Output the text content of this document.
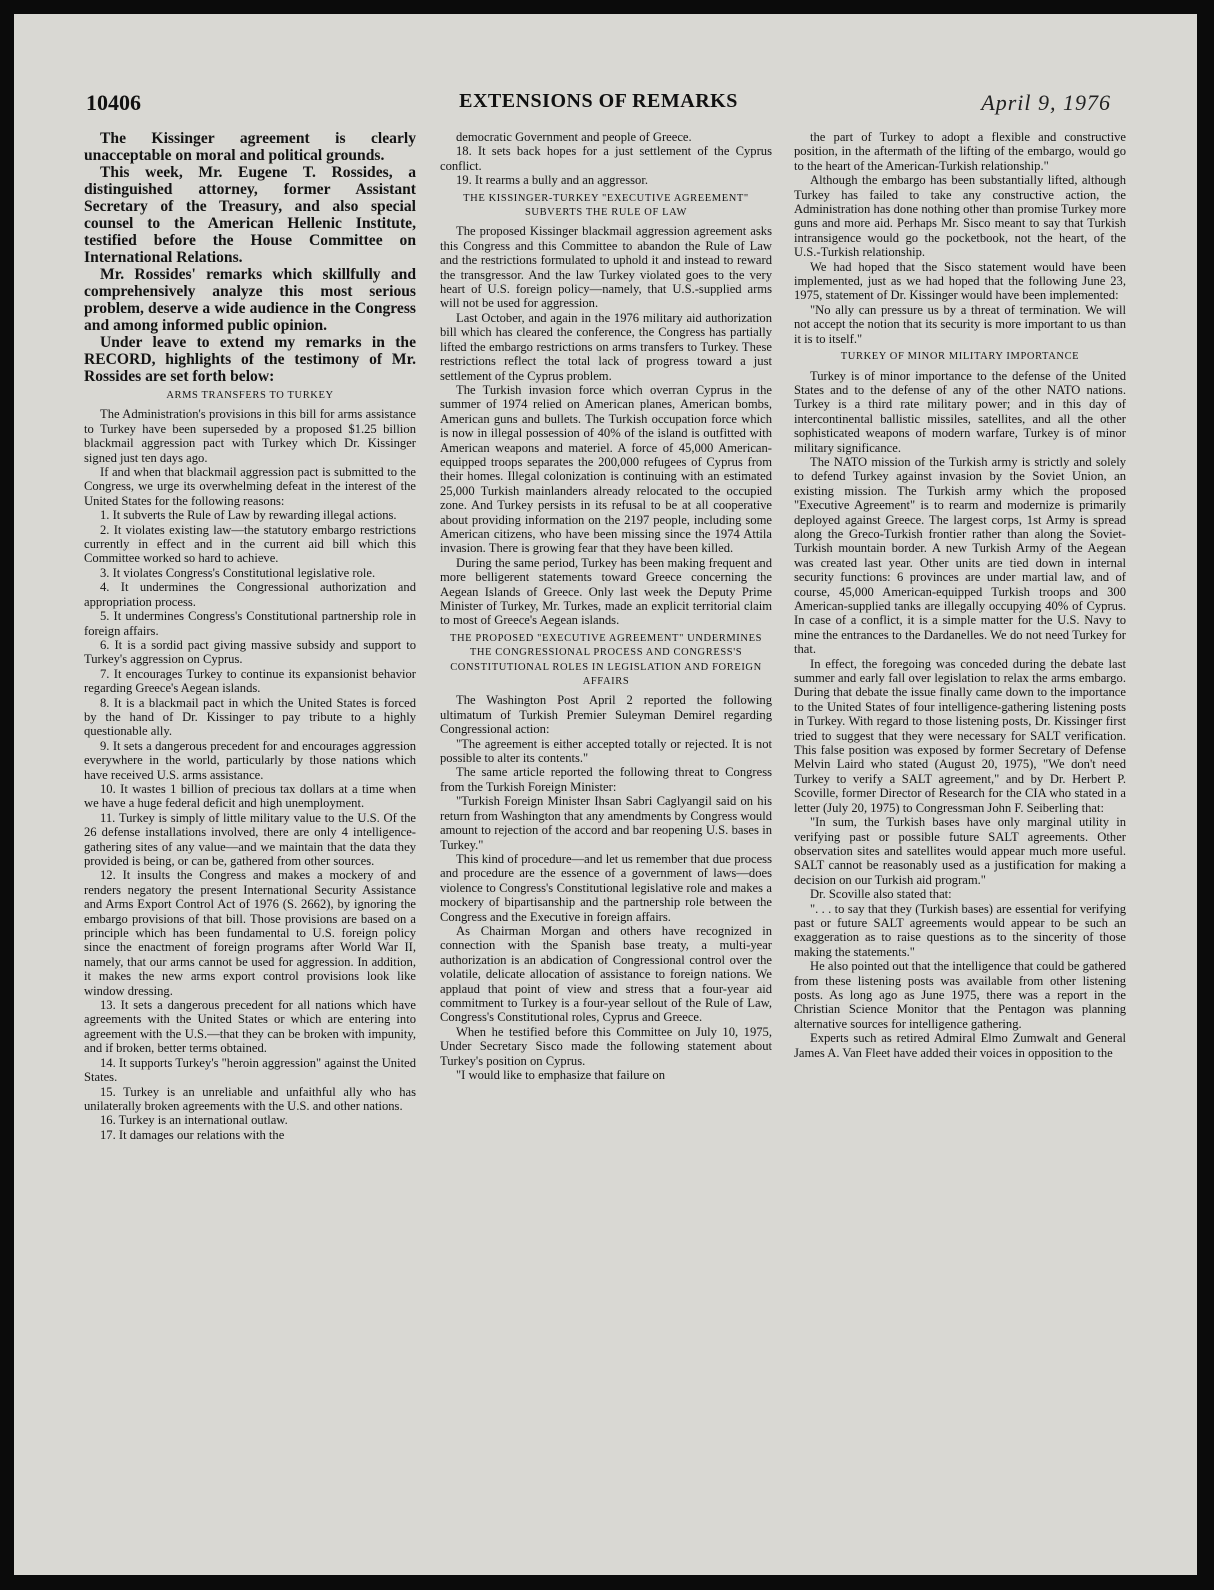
10406	EXTENSIONS OF REMARKS	April 9, 1976

The Kissinger agreement is clearly unacceptable on moral and political grounds.

This week, Mr. Eugene T. Rossides, a distinguished attorney, former Assistant Secretary of the Treasury, and also special counsel to the American Hellenic Institute, testified before the House Committee on International Relations.

Mr. Rossides' remarks which skillfully and comprehensively analyze this most serious problem, deserve a wide audience in the Congress and among informed public opinion.

Under leave to extend my remarks in the RECORD, highlights of the testimony of Mr. Rossides are set forth below:

ARMS TRANSFERS TO TURKEY

The Administration's provisions in this bill for arms assistance to Turkey have been superseded by a proposed $1.25 billion blackmail aggression pact with Turkey which Dr. Kissinger signed just ten days ago.

If and when that blackmail aggression pact is submitted to the Congress, we urge its overwhelming defeat in the interest of the United States for the following reasons:

1. It subverts the Rule of Law by rewarding illegal actions.

2. It violates existing law—the statutory embargo restrictions currently in effect and in the current aid bill which this Committee worked so hard to achieve.

3. It violates Congress's Constitutional legislative role.

4. It undermines the Congressional authorization and appropriation process.

5. It undermines Congress's Constitutional partnership role in foreign affairs.

6. It is a sordid pact giving massive subsidy and support to Turkey's aggression on Cyprus.

7. It encourages Turkey to continue its expansionist behavior regarding Greece's Aegean islands.

8. It is a blackmail pact in which the United States is forced by the hand of Dr. Kissinger to pay tribute to a highly questionable ally.

9. It sets a dangerous precedent for and encourages aggression everywhere in the world, particularly by those nations which have received U.S. arms assistance.

10. It wastes 1 billion of precious tax dollars at a time when we have a huge federal deficit and high unemployment.

11. Turkey is simply of little military value to the U.S. Of the 26 defense installations involved, there are only 4 intelligence-gathering sites of any value—and we maintain that the data they provided is being, or can be, gathered from other sources.

12. It insults the Congress and makes a mockery of and renders negatory the present International Security Assistance and Arms Export Control Act of 1976 (S. 2662), by ignoring the embargo provisions of that bill. Those provisions are based on a principle which has been fundamental to U.S. foreign policy since the enactment of foreign programs after World War II, namely, that our arms cannot be used for aggression. In addition, it makes the new arms export control provisions look like window dressing.

13. It sets a dangerous precedent for all nations which have agreements with the United States or which are entering into agreement with the U.S.—that they can be broken with impunity, and if broken, better terms obtained.

14. It supports Turkey's "heroin aggression" against the United States.

15. Turkey is an unreliable and unfaithful ally who has unilaterally broken agreements with the U.S. and other nations.

16. Turkey is an international outlaw.

17. It damages our relations with the

democratic Government and people of Greece.

18. It sets back hopes for a just settlement of the Cyprus conflict.

19. It rearms a bully and an aggressor.

THE KISSINGER-TURKEY "EXECUTIVE AGREEMENT" SUBVERTS THE RULE OF LAW

The proposed Kissinger blackmail aggression agreement asks this Congress and this Committee to abandon the Rule of Law and the restrictions formulated to uphold it and instead to reward the transgressor. And the law Turkey violated goes to the very heart of U.S. foreign policy—namely, that U.S.-supplied arms will not be used for aggression.

Last October, and again in the 1976 military aid authorization bill which has cleared the conference, the Congress has partially lifted the embargo restrictions on arms transfers to Turkey. These restrictions reflect the total lack of progress toward a just settlement of the Cyprus problem.

The Turkish invasion force which overran Cyprus in the summer of 1974 relied on American planes, American bombs, American guns and bullets. The Turkish occupation force which is now in illegal possession of 40% of the island is outfitted with American weapons and materiel. A force of 45,000 American-equipped troops separates the 200,000 refugees of Cyprus from their homes. Illegal colonization is continuing with an estimated 25,000 Turkish mainlanders already relocated to the occupied zone. And Turkey persists in its refusal to be at all cooperative about providing information on the 2197 people, including some American citizens, who have been missing since the 1974 Attila invasion. There is growing fear that they have been killed.

During the same period, Turkey has been making frequent and more belligerent statements toward Greece concerning the Aegean Islands of Greece. Only last week the Deputy Prime Minister of Turkey, Mr. Turkes, made an explicit territorial claim to most of Greece's Aegean islands.

THE PROPOSED "EXECUTIVE AGREEMENT" UNDERMINES THE CONGRESSIONAL PROCESS AND CONGRESS'S CONSTITUTIONAL ROLES IN LEGISLATION AND FOREIGN AFFAIRS

The Washington Post April 2 reported the following ultimatum of Turkish Premier Suleyman Demirel regarding Congressional action:

"The agreement is either accepted totally or rejected. It is not possible to alter its contents."

The same article reported the following threat to Congress from the Turkish Foreign Minister:

"Turkish Foreign Minister Ihsan Sabri Caglyangil said on his return from Washington that any amendments by Congress would amount to rejection of the accord and bar reopening U.S. bases in Turkey."

This kind of procedure—and let us remember that due process and procedure are the essence of a government of laws—does violence to Congress's Constitutional legislative role and makes a mockery of bipartisanship and the partnership role between the Congress and the Executive in foreign affairs.

As Chairman Morgan and others have recognized in connection with the Spanish base treaty, a multi-year authorization is an abdication of Congressional control over the volatile, delicate allocation of assistance to foreign nations. We applaud that point of view and stress that a four-year aid commitment to Turkey is a four-year sellout of the Rule of Law, Congress's Constitutional roles, Cyprus and Greece.

When he testified before this Committee on July 10, 1975, Under Secretary Sisco made the following statement about Turkey's position on Cyprus.

"I would like to emphasize that failure on

the part of Turkey to adopt a flexible and constructive position, in the aftermath of the lifting of the embargo, would go to the heart of the American-Turkish relationship."

Although the embargo has been substantially lifted, although Turkey has failed to take any constructive action, the Administration has done nothing other than promise Turkey more guns and more aid. Perhaps Mr. Sisco meant to say that Turkish intransigence would go the pocketbook, not the heart, of the U.S.-Turkish relationship.

We had hoped that the Sisco statement would have been implemented, just as we had hoped that the following June 23, 1975, statement of Dr. Kissinger would have been implemented:

"No ally can pressure us by a threat of termination. We will not accept the notion that its security is more important to us than it is to itself."

TURKEY OF MINOR MILITARY IMPORTANCE

Turkey is of minor importance to the defense of the United States and to the defense of any of the other NATO nations. Turkey is a third rate military power; and in this day of intercontinental ballistic missiles, satellites, and all the other sophisticated weapons of modern warfare, Turkey is of minor military significance.

The NATO mission of the Turkish army is strictly and solely to defend Turkey against invasion by the Soviet Union, an existing mission. The Turkish army which the proposed "Executive Agreement" is to rearm and modernize is primarily deployed against Greece. The largest corps, 1st Army is spread along the Greco-Turkish frontier rather than along the Soviet-Turkish mountain border. A new Turkish Army of the Aegean was created last year. Other units are tied down in internal security functions: 6 provinces are under martial law, and of course, 45,000 American-equipped Turkish troops and 300 American-supplied tanks are illegally occupying 40% of Cyprus. In case of a conflict, it is a simple matter for the U.S. Navy to mine the entrances to the Dardanelles. We do not need Turkey for that.

In effect, the foregoing was conceded during the debate last summer and early fall over legislation to relax the arms embargo. During that debate the issue finally came down to the importance to the United States of four intelligence-gathering listening posts in Turkey. With regard to those listening posts, Dr. Kissinger first tried to suggest that they were necessary for SALT verification. This false position was exposed by former Secretary of Defense Melvin Laird who stated (August 20, 1975), "We don't need Turkey to verify a SALT agreement," and by Dr. Herbert P. Scoville, former Director of Research for the CIA who stated in a letter (July 20, 1975) to Congressman John F. Seiberling that:

"In sum, the Turkish bases have only marginal utility in verifying past or possible future SALT agreements. Other observation sites and satellites would appear much more useful. SALT cannot be reasonably used as a justification for making a decision on our Turkish aid program."

Dr. Scoville also stated that:

". . . to say that they (Turkish bases) are essential for verifying past or future SALT agreements would appear to be such an exaggeration as to raise questions as to the sincerity of those making the statements."

He also pointed out that the intelligence that could be gathered from these listening posts was available from other listening posts. As long ago as June 1975, there was a report in the Christian Science Monitor that the Pentagon was planning alternative sources for intelligence gathering.

Experts such as retired Admiral Elmo Zumwalt and General James A. Van Fleet have added their voices in opposition to the
